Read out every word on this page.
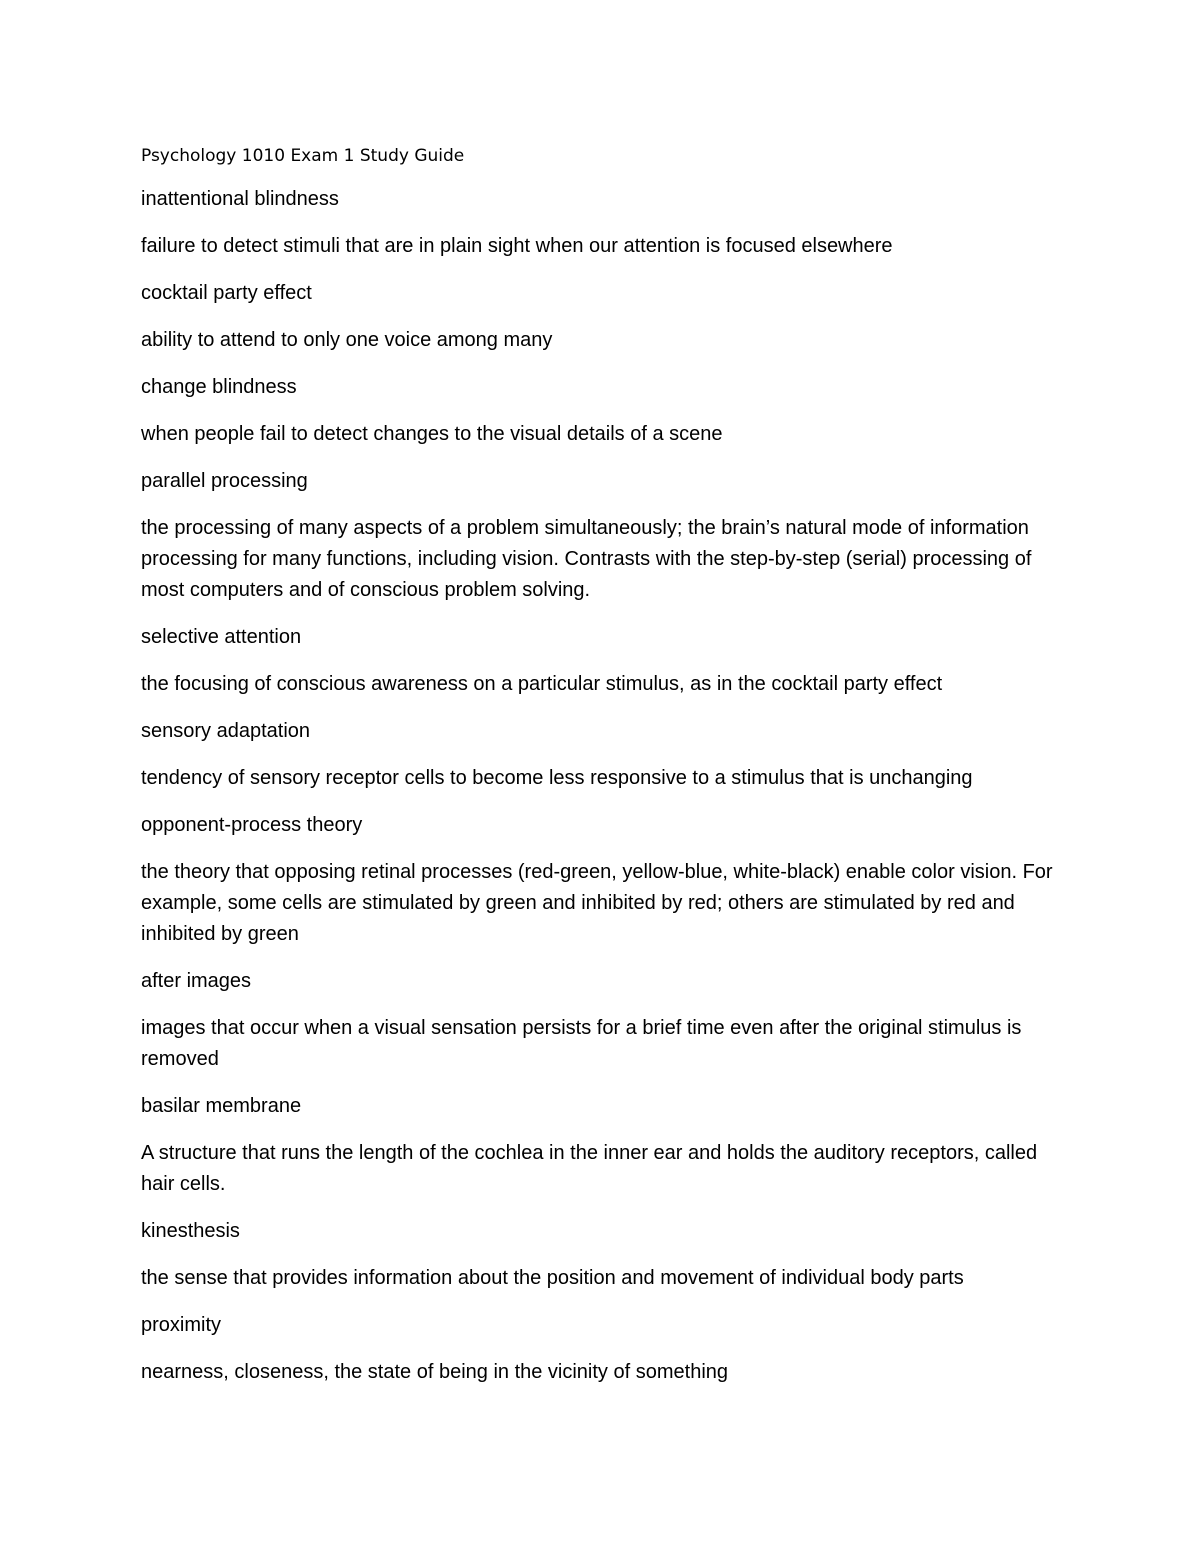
Psychology 1010 Exam 1 Study Guide

inattentional blindness

failure to detect stimuli that are in plain sight when our attention is focused elsewhere

cocktail party effect

ability to attend to only one voice among many

change blindness

when people fail to detect changes to the visual details of a scene

parallel processing

the processing of many aspects of a problem simultaneously; the brain’s natural mode of information processing for many functions, including vision. Contrasts with the step-by-step (serial) processing of most computers and of conscious problem solving.

selective attention

the focusing of conscious awareness on a particular stimulus, as in the cocktail party effect

sensory adaptation

tendency of sensory receptor cells to become less responsive to a stimulus that is unchanging

opponent-process theory

the theory that opposing retinal processes (red-green, yellow-blue, white-black) enable color vision. For example, some cells are stimulated by green and inhibited by red; others are stimulated by red and inhibited by green

after images

images that occur when a visual sensation persists for a brief time even after the original stimulus is removed

basilar membrane

A structure that runs the length of the cochlea in the inner ear and holds the auditory receptors, called hair cells.

kinesthesis

the sense that provides information about the position and movement of individual body parts

proximity

nearness, closeness, the state of being in the vicinity of something
